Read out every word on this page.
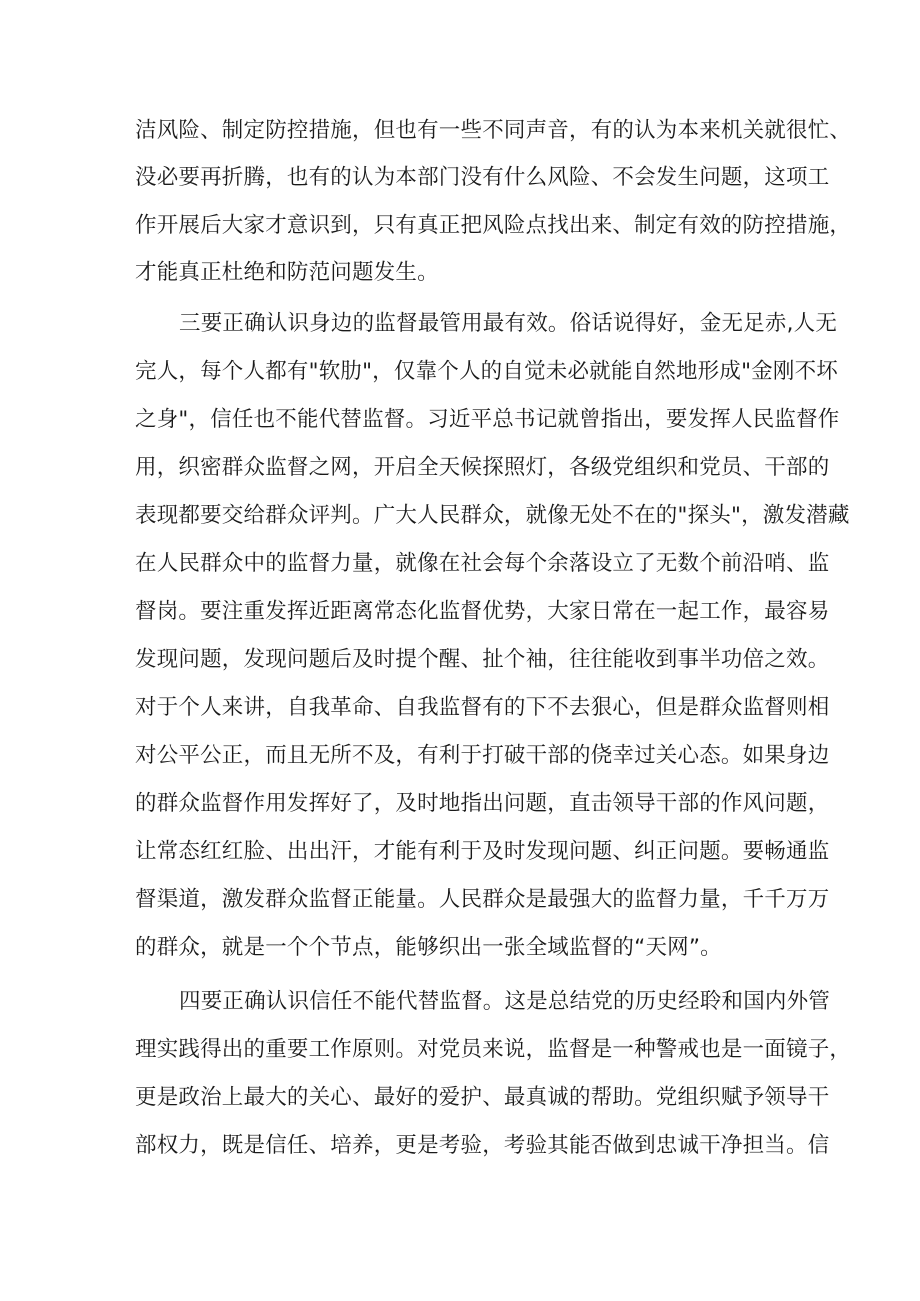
洁风险、制定防控措施，但也有一些不同声音，有的认为本来机关就很忙、
没必要再折腾，也有的认为本部门没有什么风险、不会发生问题，这项工
作开展后大家才意识到，只有真正把风险点找出来、制定有效的防控措施，
才能真正杜绝和防范问题发生。
三要正确认识身边的监督最管用最有效。俗话说得好，金无足赤,人无
完人，每个人都有"软肋"，仅靠个人的自觉未必就能自然地形成"金刚不坏
之身"，信任也不能代替监督。习近平总书记就曾指出，要发挥人民监督作
用，织密群众监督之网，开启全天候探照灯，各级党组织和党员、干部的
表现都要交给群众评判。广大人民群众，就像无处不在的"探头"，激发潜藏
在人民群众中的监督力量，就像在社会每个余落设立了无数个前沿哨、监
督岗。要注重发挥近距离常态化监督优势，大家日常在一起工作，最容易
发现问题，发现问题后及时提个醒、扯个袖，往往能收到事半功倍之效。
对于个人来讲，自我革命、自我监督有的下不去狠心，但是群众监督则相
对公平公正，而且无所不及，有利于打破干部的侥幸过关心态。如果身边
的群众监督作用发挥好了，及时地指出问题，直击领导干部的作风问题，
让常态红红脸、出出汗，才能有利于及时发现问题、纠正问题。要畅通监
督渠道，激发群众监督正能量。人民群众是最强大的监督力量，千千万万
的群众，就是一个个节点，能够织出一张全域监督的“天网”。
四要正确认识信任不能代替监督。这是总结党的历史经聆和国内外管
理实践得出的重要工作原则。对党员来说，监督是一种警戒也是一面镜子，
更是政治上最大的关心、最好的爱护、最真诚的帮助。党组织赋予领导干
部权力，既是信任、培养，更是考验，考验其能否做到忠诚干净担当。信
